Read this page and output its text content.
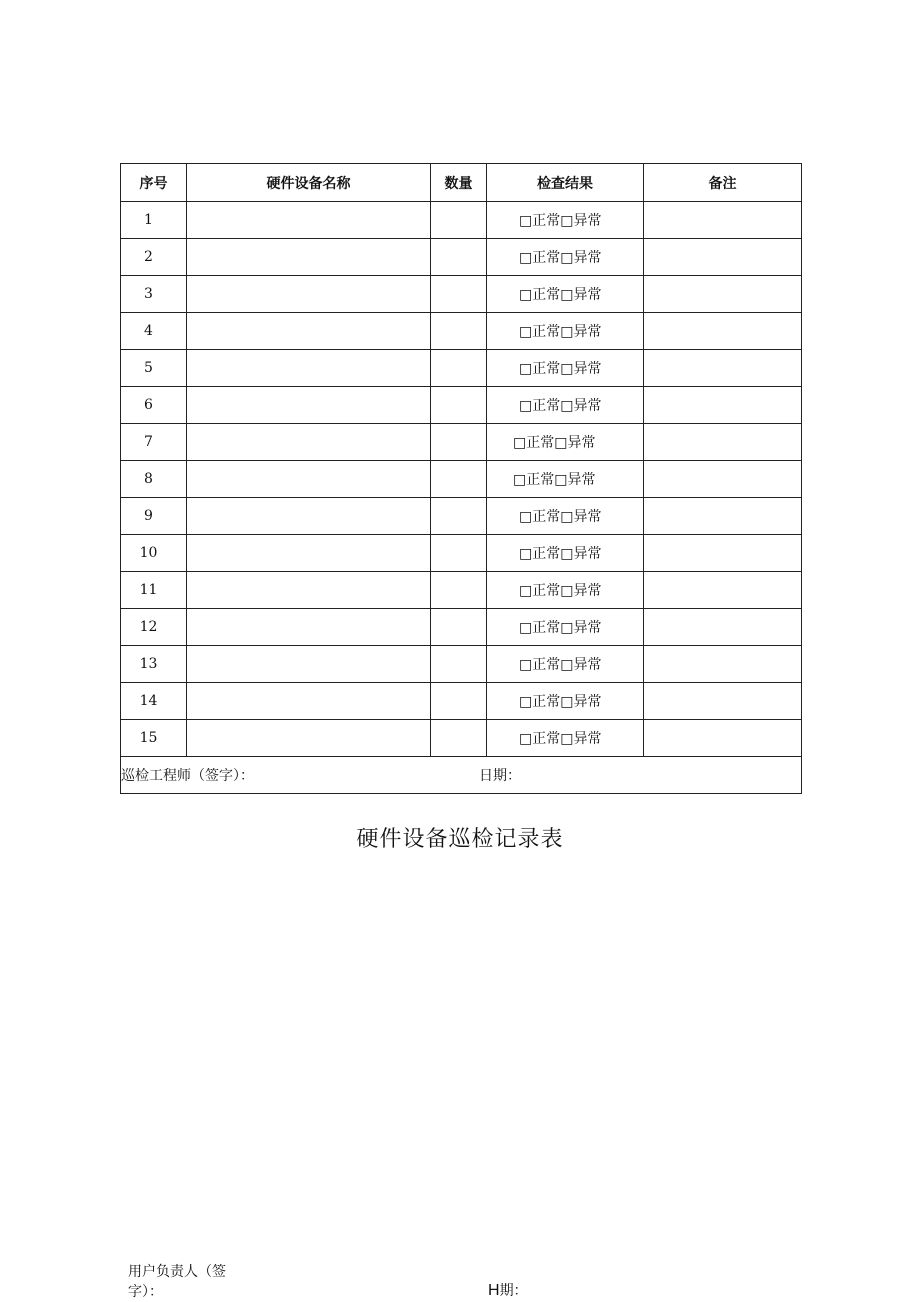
序号	硬件设备名称	数量	检查结果	备注
1			□正常□异常	
2			□正常□异常	
3			□正常□异常	
4			□正常□异常	
5			□正常□异常	
6			□正常□异常	
7			□正常□异常	
8			□正常□异常	
9			□正常□异常	
10			□正常□异常	
11			□正常□异常	
12			□正常□异常	
13			□正常□异常	
14			□正常□异常	
15			□正常□异常	
巡检工程师（签字）： 日期：				
硬件设备巡检记录表
用户负责人（签字）：	H期：
